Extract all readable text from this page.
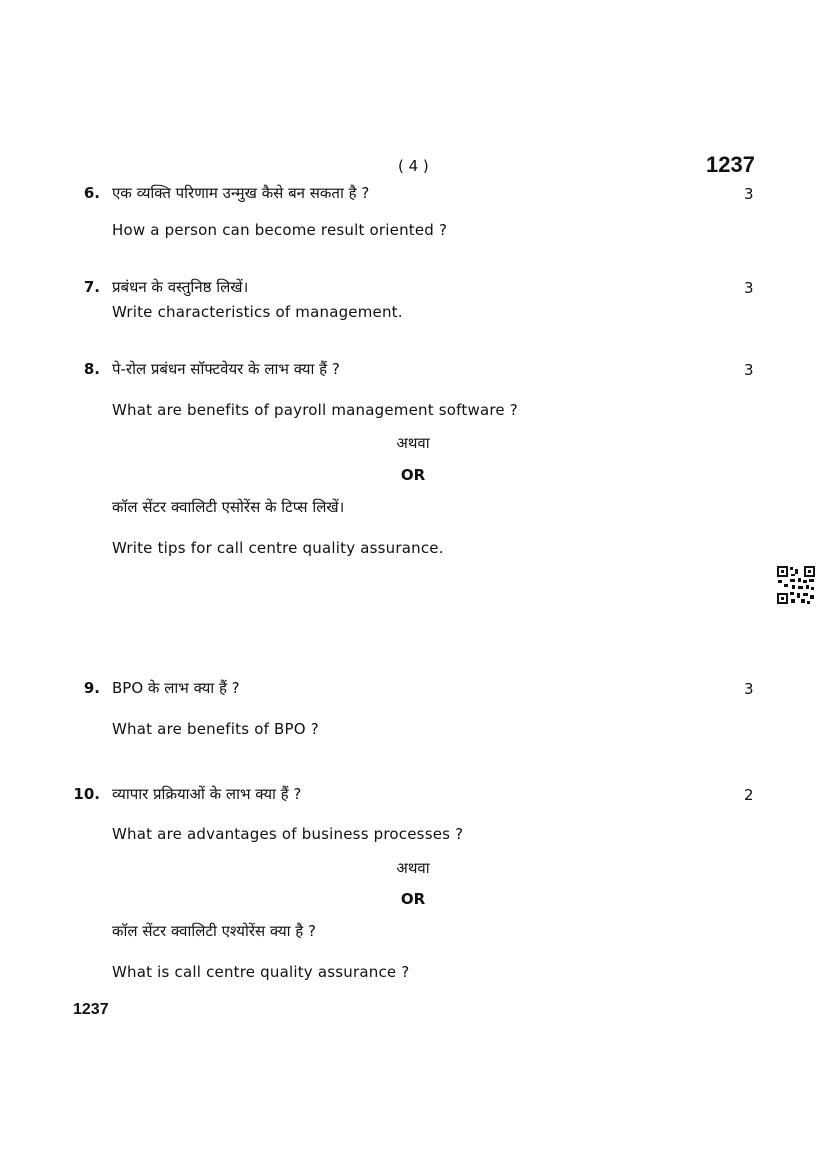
( 4 )	1237
6. एक व्यक्ति परिणाम उन्मुख कैसे बन सकता है ?	3
How a person can become result oriented ?
7. प्रबंधन के वस्तुनिष्ठ लिखें।	3
Write characteristics of management.
8. पे-रोल प्रबंधन सॉफ्टवेयर के लाभ क्या हैं ?	3
What are benefits of payroll management software ?
अथवा
OR
कॉल सेंटर क्वालिटी एसोरेंस के टिप्स लिखें।
Write tips for call centre quality assurance.
9. BPO के लाभ क्या हैं ?	3
What are benefits of BPO ?
10. व्यापार प्रक्रियाओं के लाभ क्या हैं ?	2
What are advantages of business processes ?
अथवा
OR
कॉल सेंटर क्वालिटी एश्योरेंस क्या है ?
What is call centre quality assurance ?
1237
